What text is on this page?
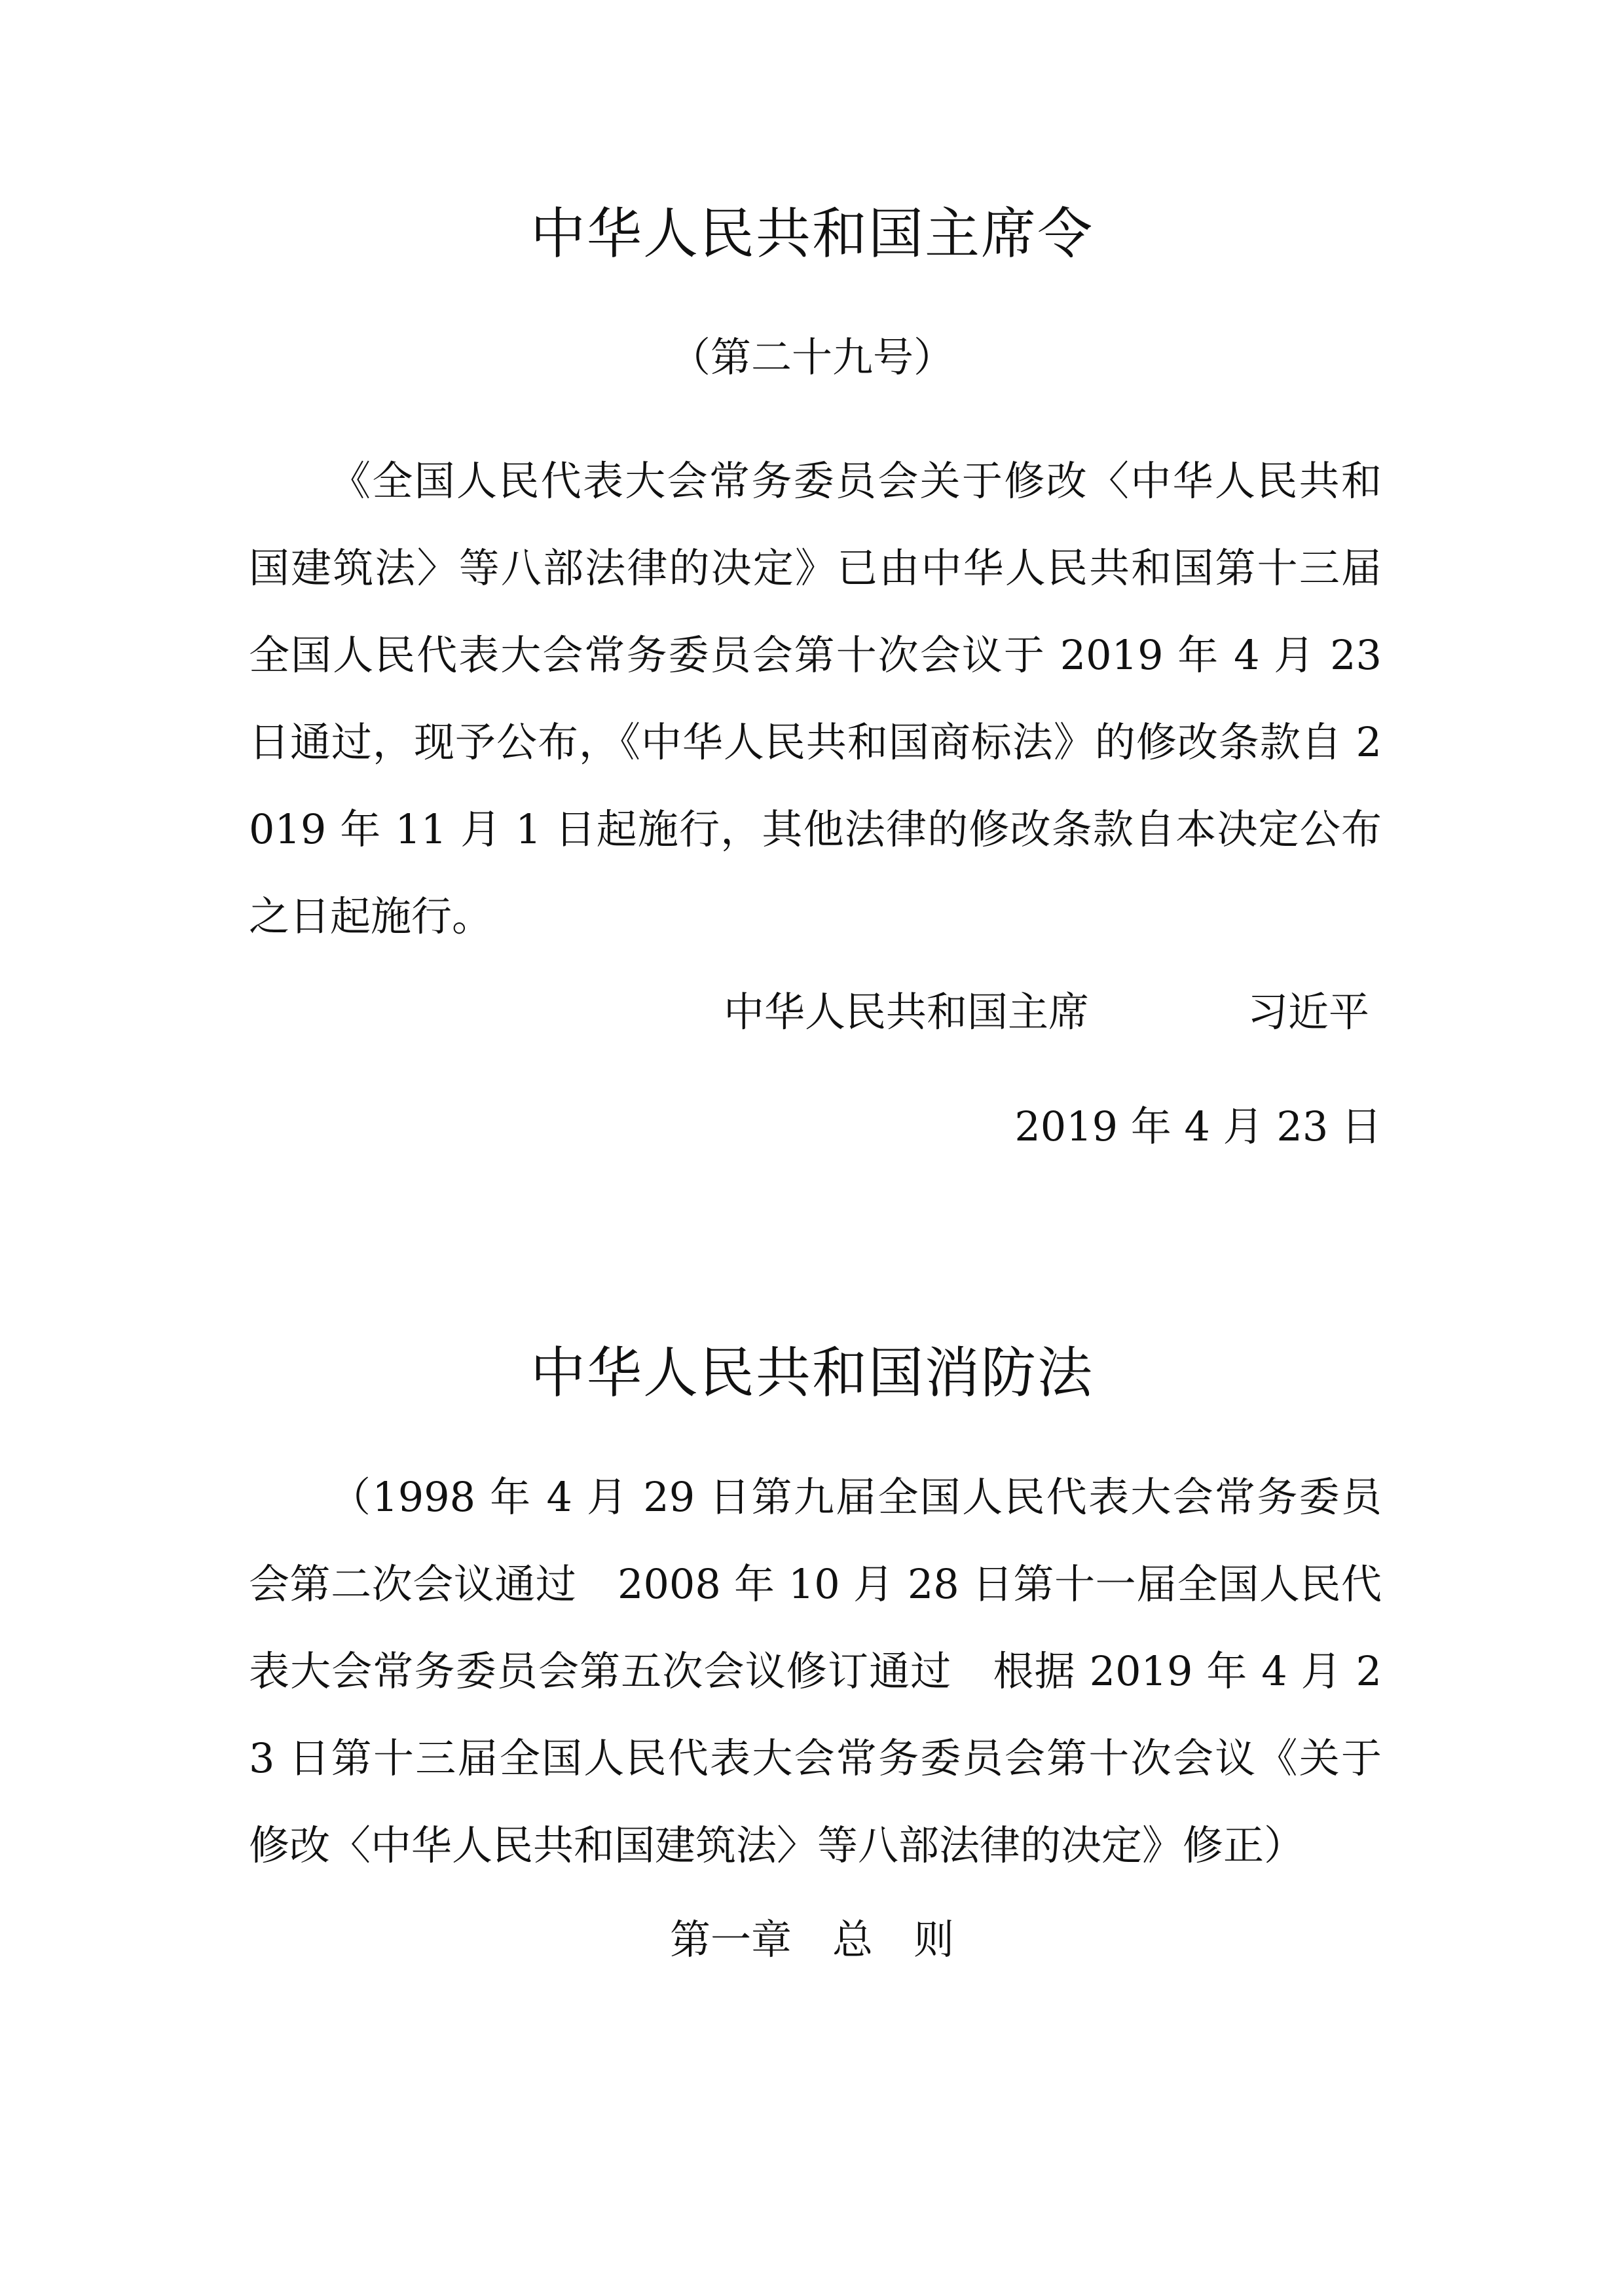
中华人民共和国主席令
（第二十九号）
《全国人民代表大会常务委员会关于修改〈中华人民共和国建筑法〉等八部法律的决定》已由中华人民共和国第十三届全国人民代表大会常务委员会第十次会议于 2019 年 4 月 23 日通过，现予公布，《中华人民共和国商标法》的修改条款自 2019 年 11 月 1 日起施行，其他法律的修改条款自本决定公布之日起施行。
中华人民共和国主席	习近平
2019 年 4 月 23 日
中华人民共和国消防法
（1998 年 4 月 29 日第九届全国人民代表大会常务委员会第二次会议通过　2008 年 10 月 28 日第十一届全国人民代表大会常务委员会第五次会议修订通过　根据 2019 年 4 月 23 日第十三届全国人民代表大会常务委员会第十次会议《关于修改〈中华人民共和国建筑法〉等八部法律的决定》修正）
第一章　总　则
